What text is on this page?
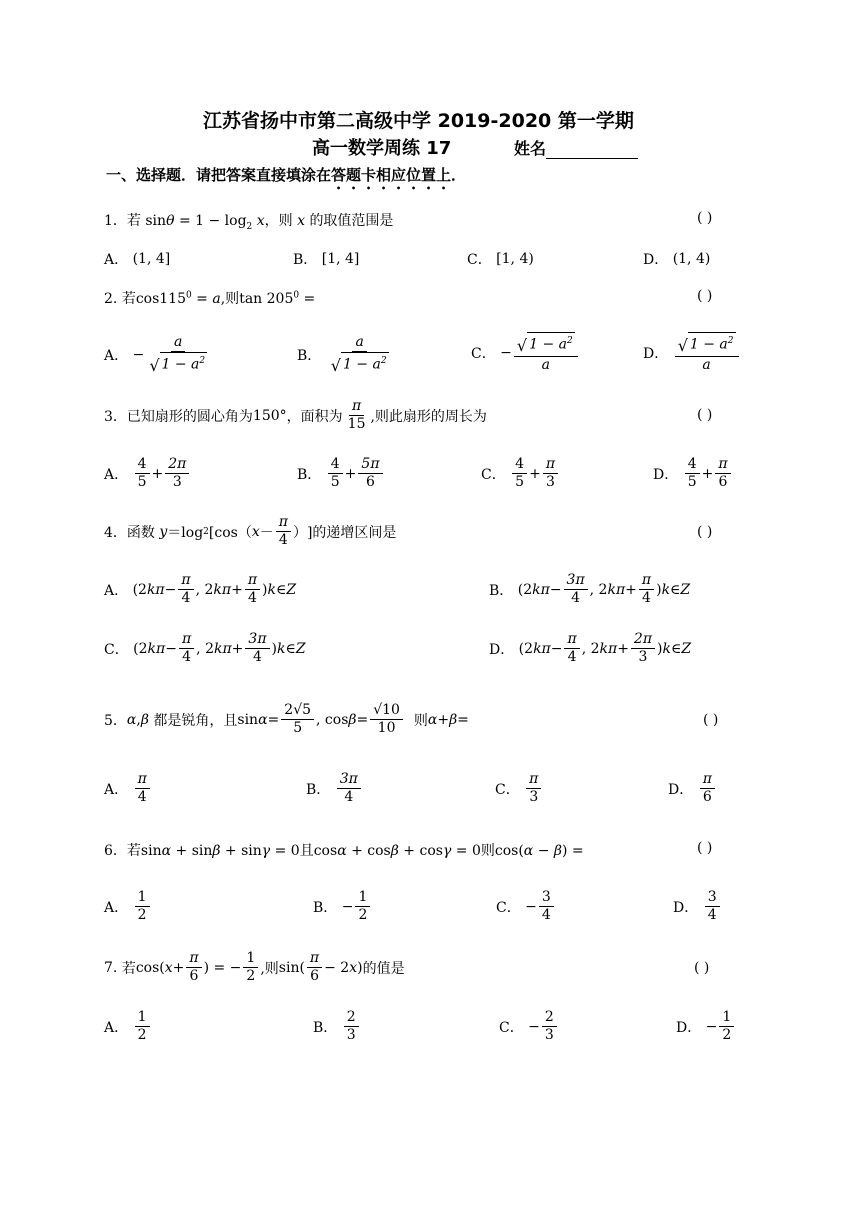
江苏省扬中市第二高级中学 2019-2020 第一学期
高一数学周练 17	姓名
一、选择题．请把答案直接填涂在答题卡相应位置上．
1．若 $\sin\theta = 1 - \log_2 x$，则 x 的取值范围是	( )
A．
(1, 4]	B．
[1, 4]	C．
[1, 4)	D．
(1, 4)
2. 若$\cos 115^0 = a$,则$\tan 205^0$ =	( )
A． − $\frac{a}{√ 1 - a^2}$	B．
$\frac{a}{√ 1 - a^2}$	C． − $\frac{√ 1 - a^2}{a}$	D．
$\frac{√ 1 - a^2}{a}$
3． 已知扇形的圆心角为 150° ，面积为 $\frac{\pi}{15}$ ,则此扇形的周长为	( )
A．
$\frac{4}{5} + \frac{2\pi}{3}$	B．
$\frac{4}{5} + \frac{5\pi}{6}$	C．
$\frac{4}{5} + \frac{\pi}{3}$	D．
$\frac{4}{5} + \frac{\pi}{6}$
4． 函数
y ＝log 2 [cos（ $x - \frac{\pi}{4}$ ） ]的递增区间是	( )
A． (2 $k\pi - \frac{\pi}{4}$ , 2 $k\pi + \frac{\pi}{4}$ ) k ∈ Z	B． (2 $k\pi - \frac{3\pi}{4}$ , 2 $k\pi + \frac{\pi}{4}$ ) k ∈ Z
C． (2 $k\pi - \frac{\pi}{4}$ , 2 $k\pi + \frac{3\pi}{4}$ ) k ∈ Z	D． (2 $k\pi - \frac{\pi}{4}$ , 2 $k\pi + \frac{2\pi}{3}$ ) k ∈ Z
5． α , β
都是锐角，且 $\sin \alpha = \frac{2√5}{5}$ , $\cos \beta = \frac{√10}{10}$
则 α + β =	( )
A．
$\frac{\pi}{4}$	B．
$\frac{3\pi}{4}$	C．
$\frac{\pi}{3}$	D．
$\frac{\pi}{6}$
6．若sinα + sinβ + sinγ = 0且cosα + cosβ + cosγ = 0则cos(α − β) =	( )
A．
$\frac{1}{2}$	B． − $\frac{1}{2}$	C． − $\frac{3}{4}$	D．
$\frac{3}{4}$
7.
若 cos( $x + \frac{\pi}{6}$ ) = − $\frac{1}{2}$ ,则 $\sin( \frac{\pi}{6} - 2$ x ) 的值是	( )
A．
$\frac{1}{2}$	B．
$\frac{2}{3}$	C． − $\frac{2}{3}$	D． − $\frac{1}{2}$
